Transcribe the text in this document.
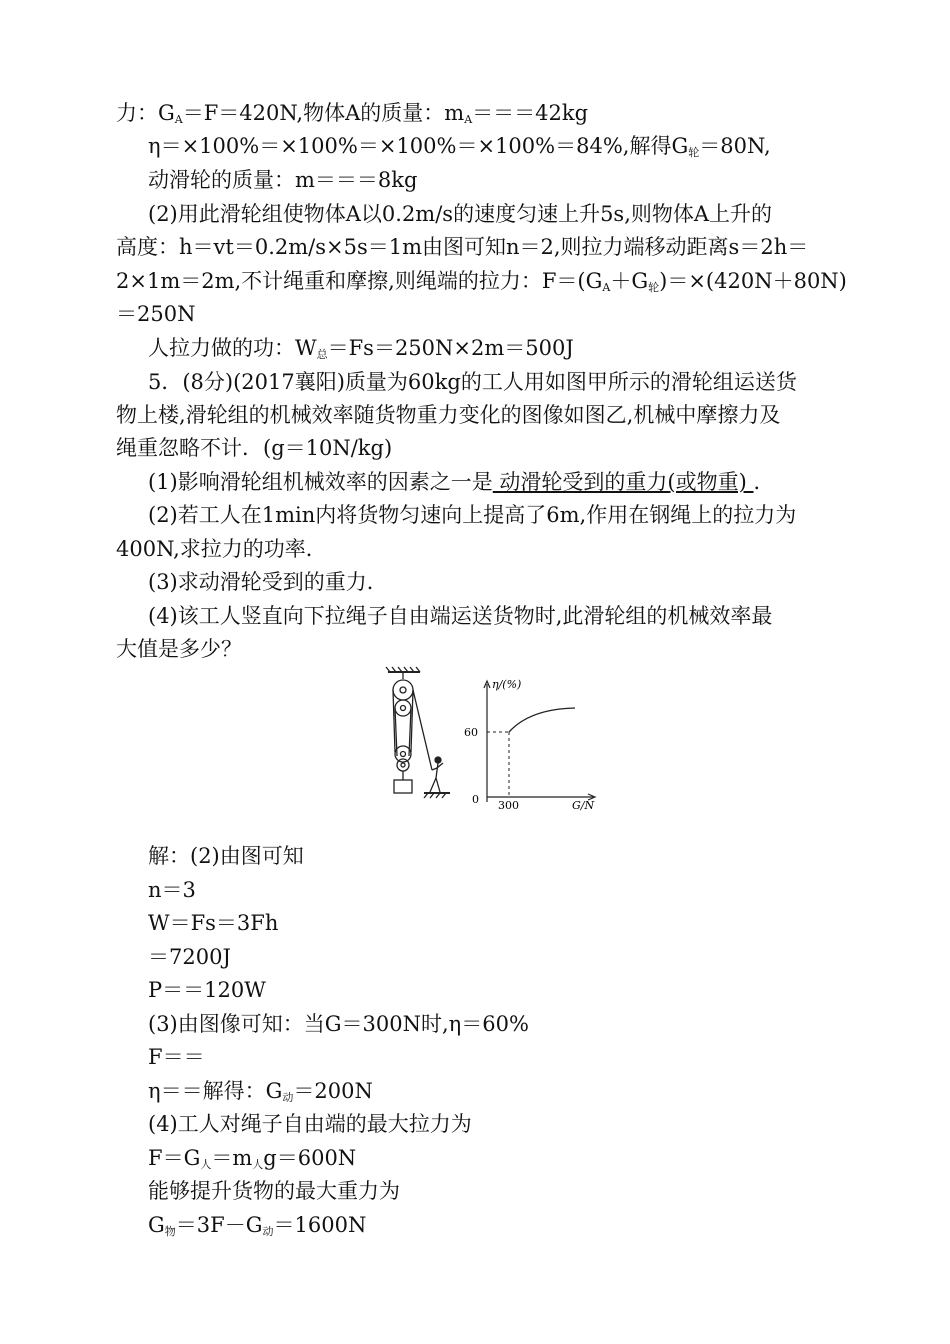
力：$G_A=F=420N$,物体A的质量：$m_A===42kg$
η＝×100%＝×100%＝×100%＝×100%＝84%,解得$G_轮=80N$,
动滑轮的质量：m＝＝＝8kg
(2)用此滑轮组使物体A以0.2m/s的速度匀速上升5s,则物体A上升的
高度：h＝vt＝0.2m/s×5s＝1m由图可知n＝2,则拉力端移动距离s＝2h＝
2×1m＝2m,不计绳重和摩擦,则绳端的拉力：$F=(G_A+G_轮)=\times(420N+80N)$
＝250N
人拉力做的功：$W_总=Fs=250N\times 2m=500J$
5．(8分)(2017襄阳)质量为60kg的工人用如图甲所示的滑轮组运送货
物上楼,滑轮组的机械效率随货物重力变化的图像如图乙,机械中摩擦力及
绳重忽略不计．(g＝10N/kg)
(1)影响滑轮组机械效率的因素之一是 动滑轮受到的重力(或物重) ．
(2)若工人在1min内将货物匀速向上提高了6m,作用在钢绳上的拉力为
400N,求拉力的功率．
(3)求动滑轮受到的重力．
(4)该工人竖直向下拉绳子自由端运送货物时,此滑轮组的机械效率最
大值是多少？
η/(%)
60
0 300	G/N
解：(2)由图可知
n＝3
W＝Fs＝3Fh
＝7200J
P＝＝120W
(3)由图像可知：当G＝300N时,η＝60%
F＝＝
η＝＝解得：$G_动=200N$
(4)工人对绳子自由端的最大拉力为
$F=G_人=m_人g=600N$
能够提升货物的最大重力为
$G_物=3F-G_动=1600N$
